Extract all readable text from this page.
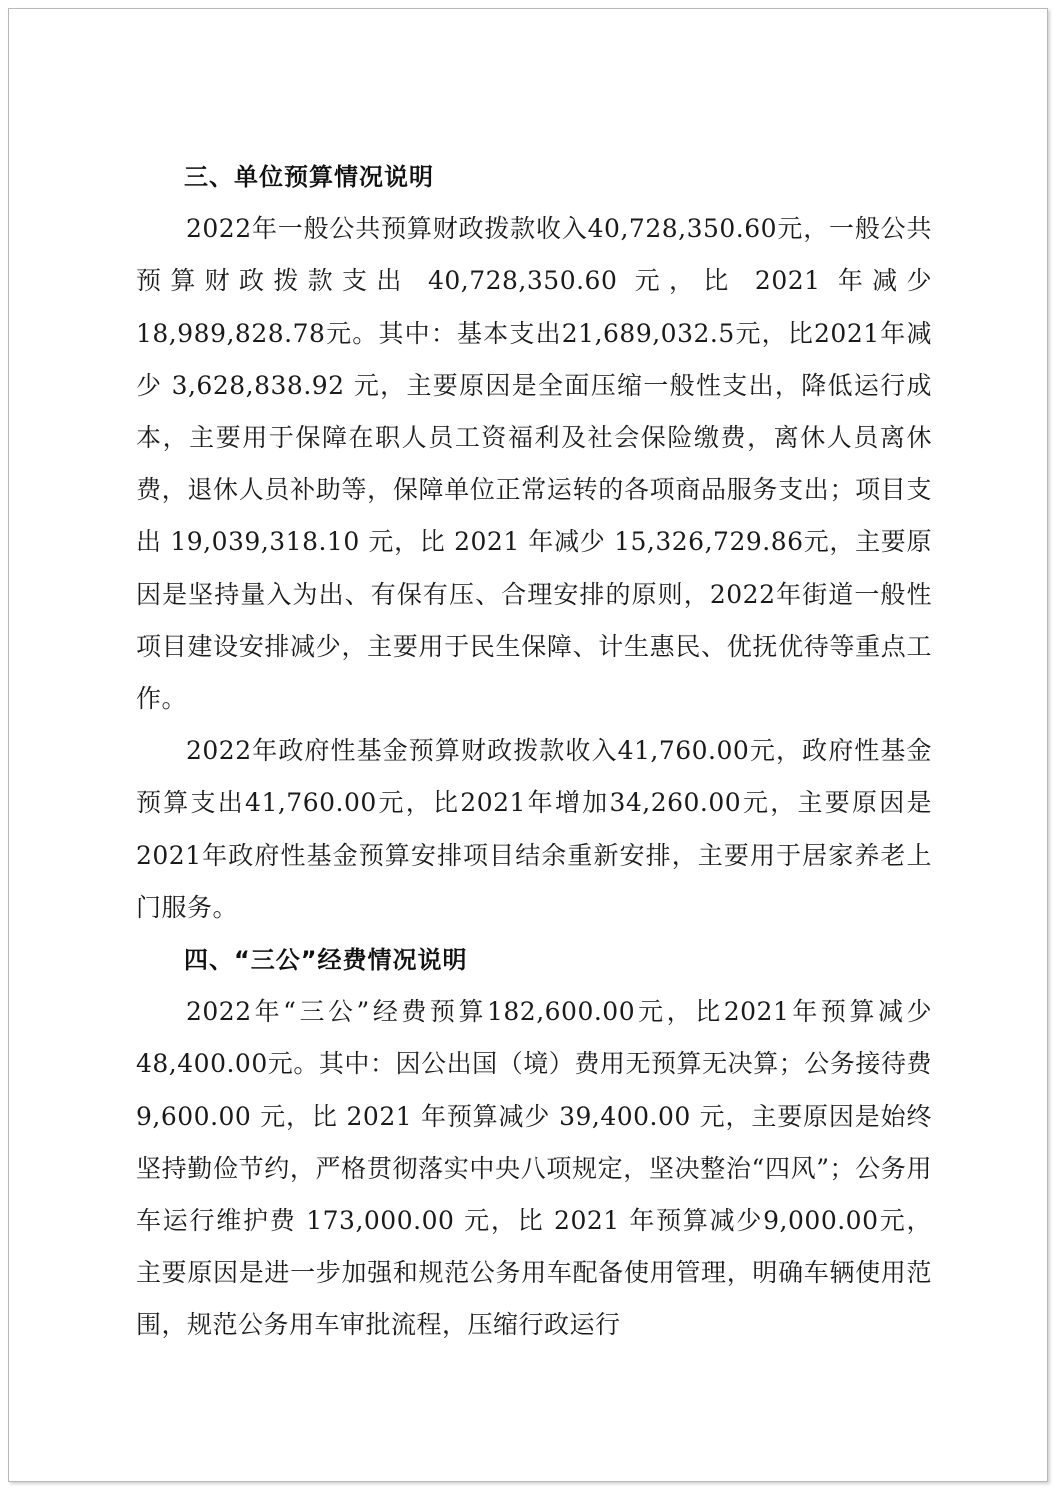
三、单位预算情况说明

2022年一般公共预算财政拨款收入40,728,350.60元，一般公共预算财政拨款支出 40,728,350.60 元，比 2021 年减少18,989,828.78元。其中：基本支出21,689,032.5元，比2021年减少 3,628,838.92 元，主要原因是全面压缩一般性支出，降低运行成本，主要用于保障在职人员工资福利及社会保险缴费，离休人员离休费，退休人员补助等，保障单位正常运转的各项商品服务支出；项目支出 19,039,318.10 元，比 2021 年减少 15,326,729.86元，主要原因是坚持量入为出、有保有压、合理安排的原则，2022年街道一般性项目建设安排减少，主要用于民生保障、计生惠民、优抚优待等重点工作。

2022年政府性基金预算财政拨款收入41,760.00元，政府性基金预算支出41,760.00元，比2021年增加34,260.00元，主要原因是2021年政府性基金预算安排项目结余重新安排，主要用于居家养老上门服务。

四、“三公”经费情况说明

2022年“三公”经费预算182,600.00元，比2021年预算减少48,400.00元。其中：因公出国（境）费用无预算无决算；公务接待费 9,600.00 元，比 2021 年预算减少 39,400.00 元，主要原因是始终坚持勤俭节约，严格贯彻落实中央八项规定，坚决整治“四风”；公务用车运行维护费 173,000.00 元，比 2021 年预算减少9,000.00元，主要原因是进一步加强和规范公务用车配备使用管理，明确车辆使用范围，规范公务用车审批流程，压缩行政运行
